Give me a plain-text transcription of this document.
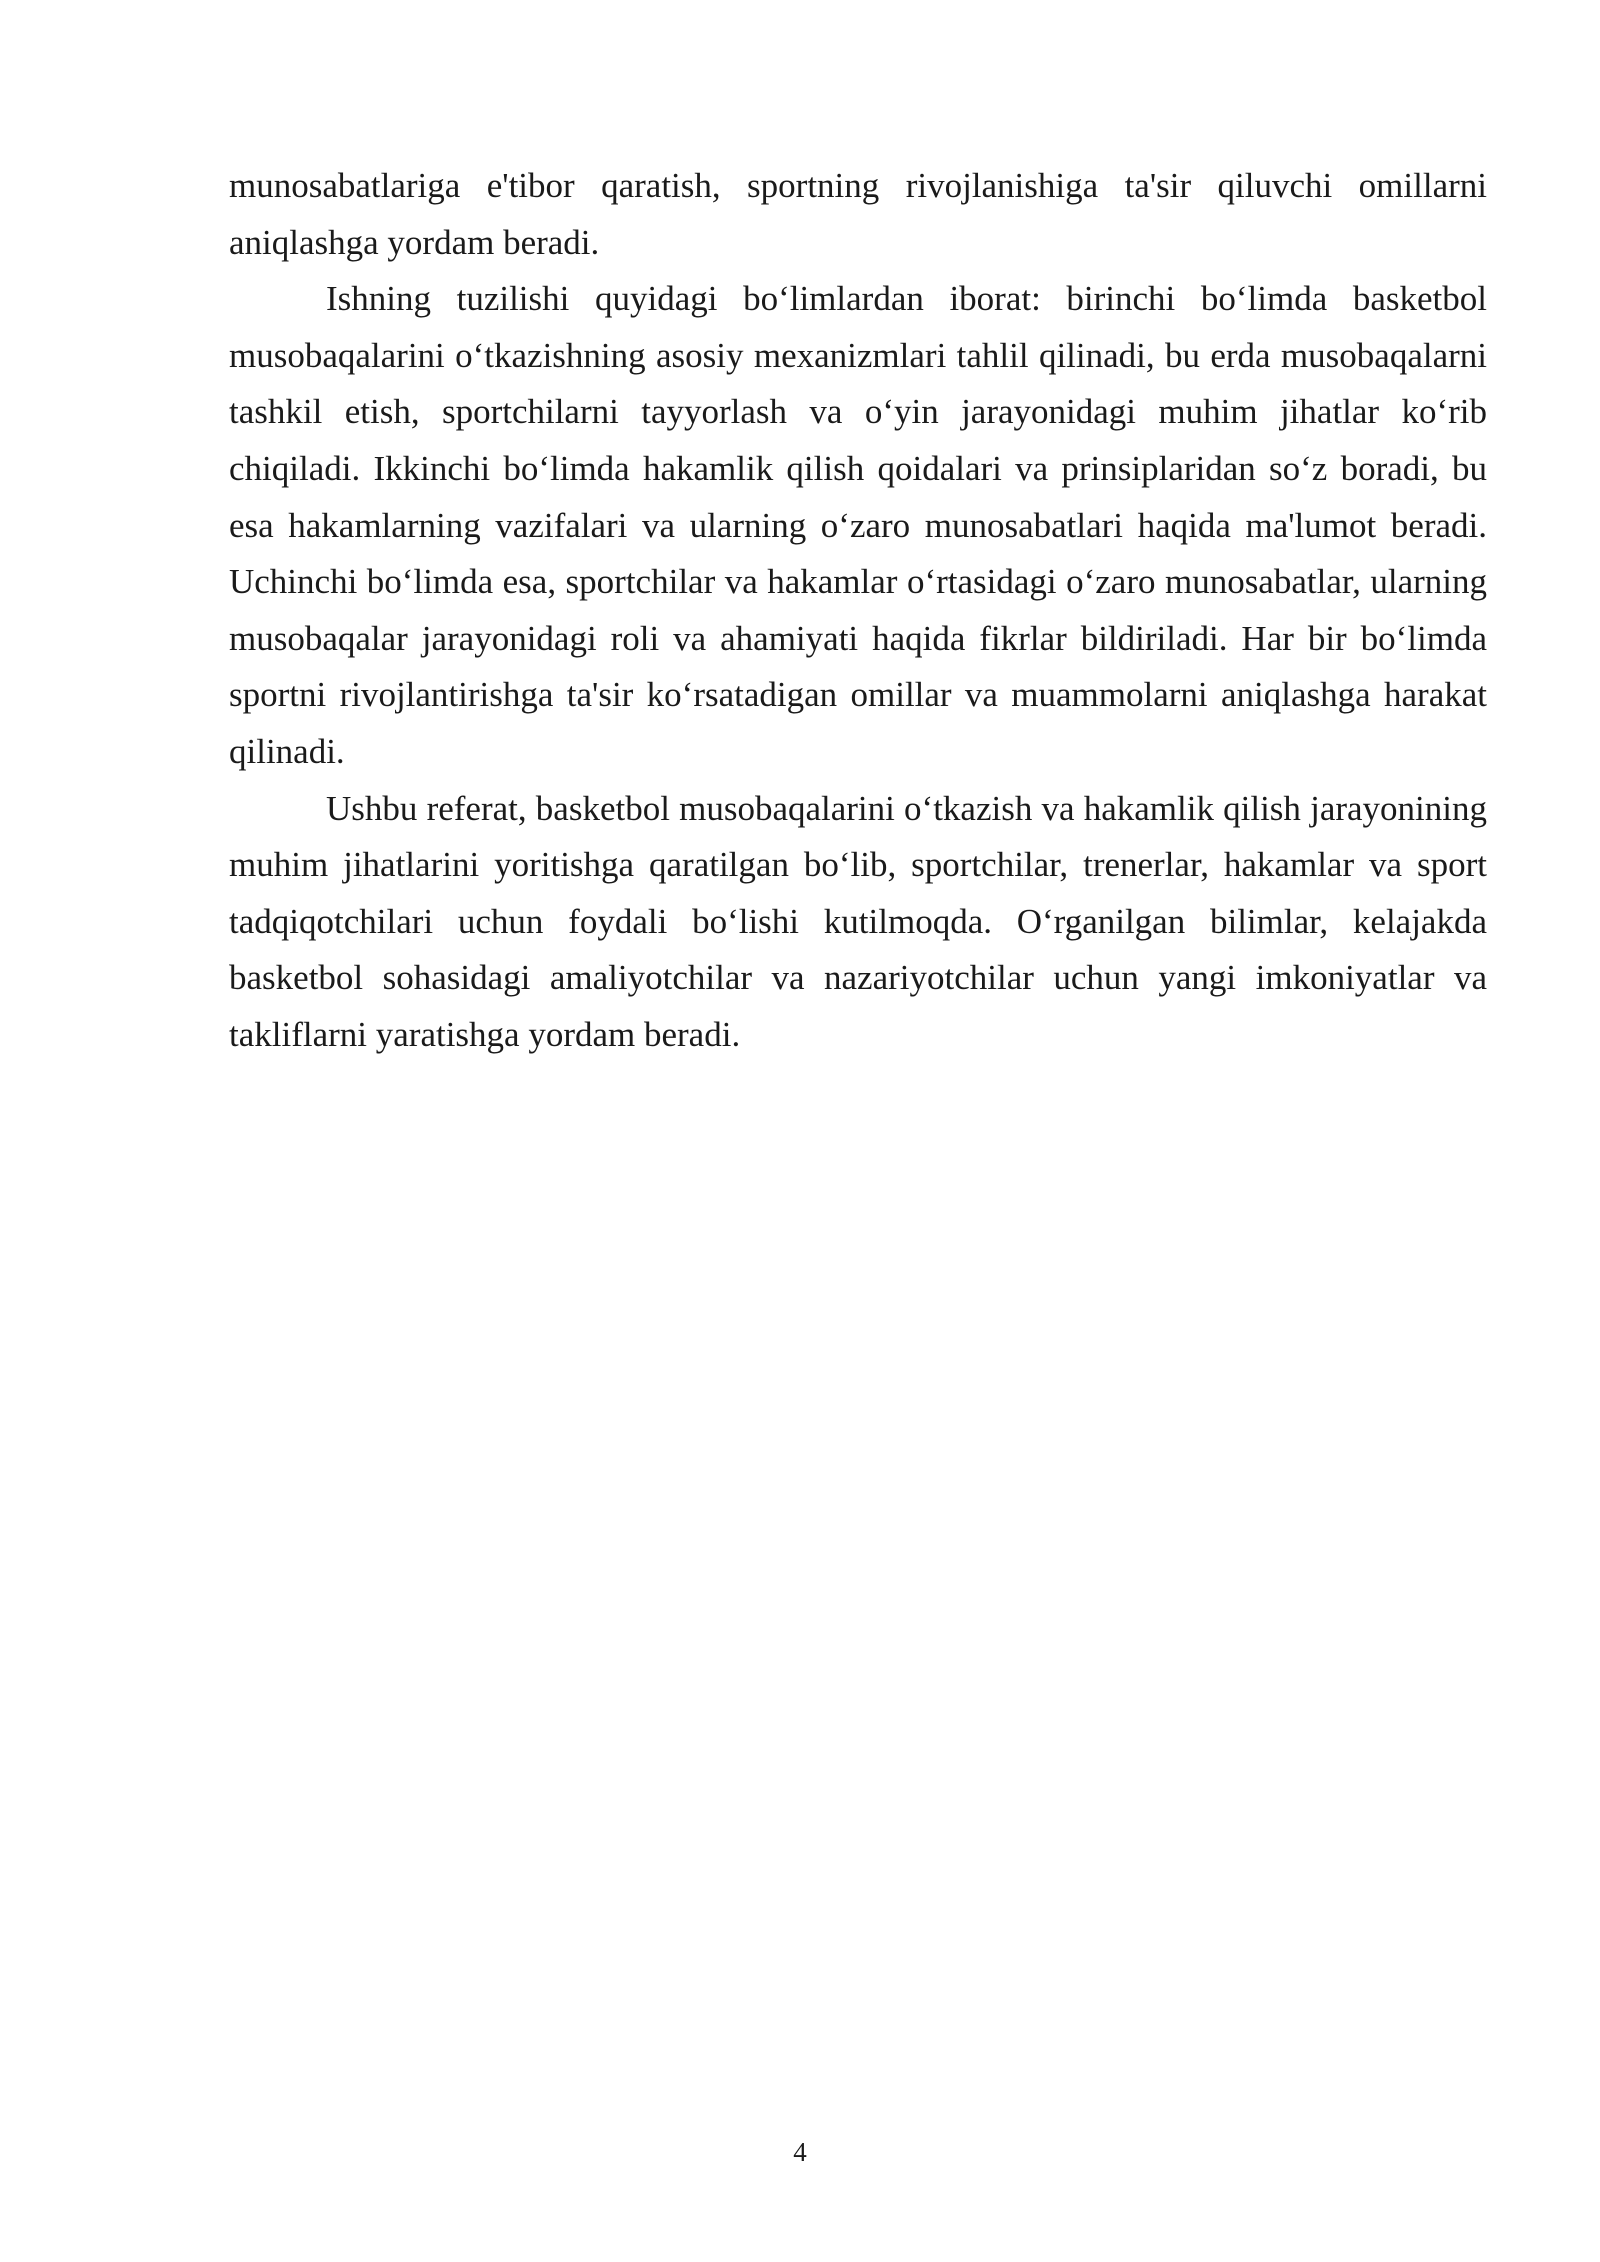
munosabatlariga e'tibor qaratish, sportning rivojlanishiga ta'sir qiluvchi omillarni aniqlashga yordam beradi.

Ishning tuzilishi quyidagi bo‘limlardan iborat: birinchi bo‘limda basketbol musobaqalarini o‘tkazishning asosiy mexanizmlari tahlil qilinadi, bu erda musobaqalarni tashkil etish, sportchilarni tayyorlash va o‘yin jarayonidagi muhim jihatlar ko‘rib chiqiladi. Ikkinchi bo‘limda hakamlik qilish qoidalari va prinsiplaridan so‘z boradi, bu esa hakamlarning vazifalari va ularning o‘zaro munosabatlari haqida ma'lumot beradi. Uchinchi bo‘limda esa, sportchilar va hakamlar o‘rtasidagi o‘zaro munosabatlar, ularning musobaqalar jarayonidagi roli va ahamiyati haqida fikrlar bildiriladi. Har bir bo‘limda sportni rivojlantirishga ta'sir ko‘rsatadigan omillar va muammolarni aniqlashga harakat qilinadi.

Ushbu referat, basketbol musobaqalarini o‘tkazish va hakamlik qilish jarayonining muhim jihatlarini yoritishga qaratilgan bo‘lib, sportchilar, trenerlar, hakamlar va sport tadqiqotchilari uchun foydali bo‘lishi kutilmoqda. O‘rganilgan bilimlar, kelajakda basketbol sohasidagi amaliyotchilar va nazariyotchilar uchun yangi imkoniyatlar va takliflarni yaratishga yordam beradi.

4
